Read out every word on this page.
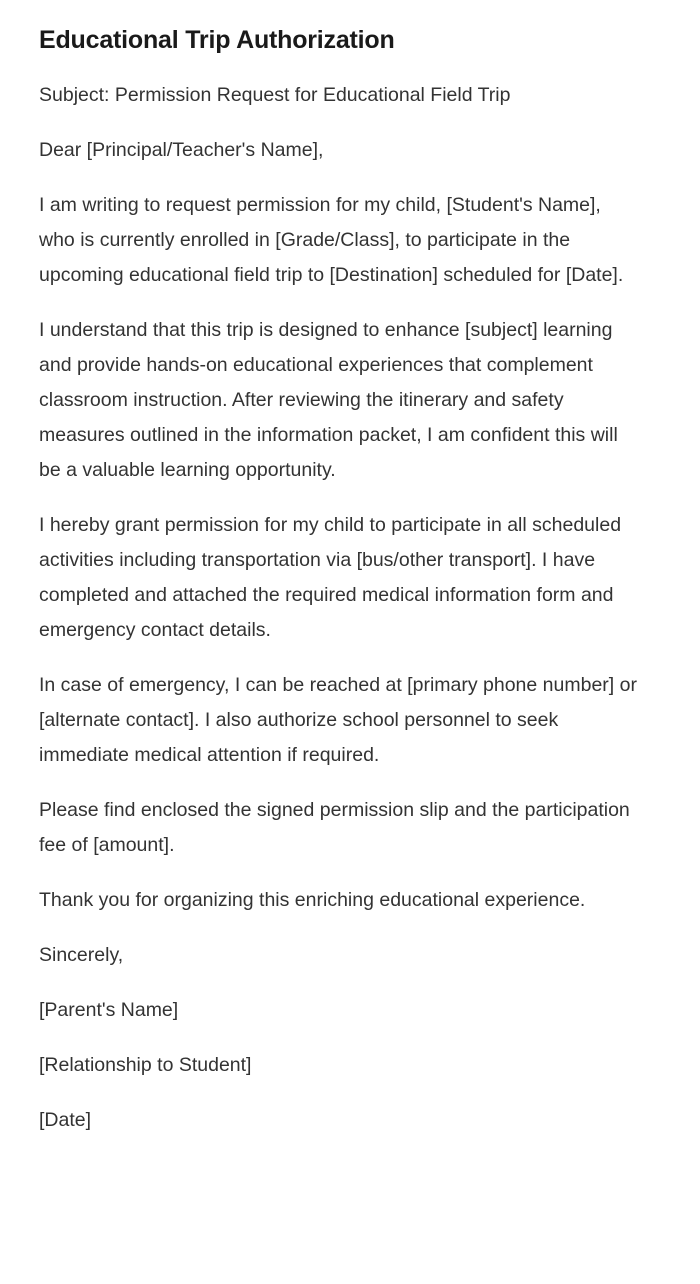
Educational Trip Authorization

Subject: Permission Request for Educational Field Trip

Dear [Principal/Teacher's Name],

I am writing to request permission for my child, [Student's Name], who is currently enrolled in [Grade/Class], to participate in the upcoming educational field trip to [Destination] scheduled for [Date].

I understand that this trip is designed to enhance [subject] learning and provide hands-on educational experiences that complement classroom instruction. After reviewing the itinerary and safety measures outlined in the information packet, I am confident this will be a valuable learning opportunity.

I hereby grant permission for my child to participate in all scheduled activities including transportation via [bus/other transport]. I have completed and attached the required medical information form and emergency contact details.

In case of emergency, I can be reached at [primary phone number] or [alternate contact]. I also authorize school personnel to seek immediate medical attention if required.

Please find enclosed the signed permission slip and the participation fee of [amount].

Thank you for organizing this enriching educational experience.

Sincerely,

[Parent's Name]

[Relationship to Student]

[Date]
